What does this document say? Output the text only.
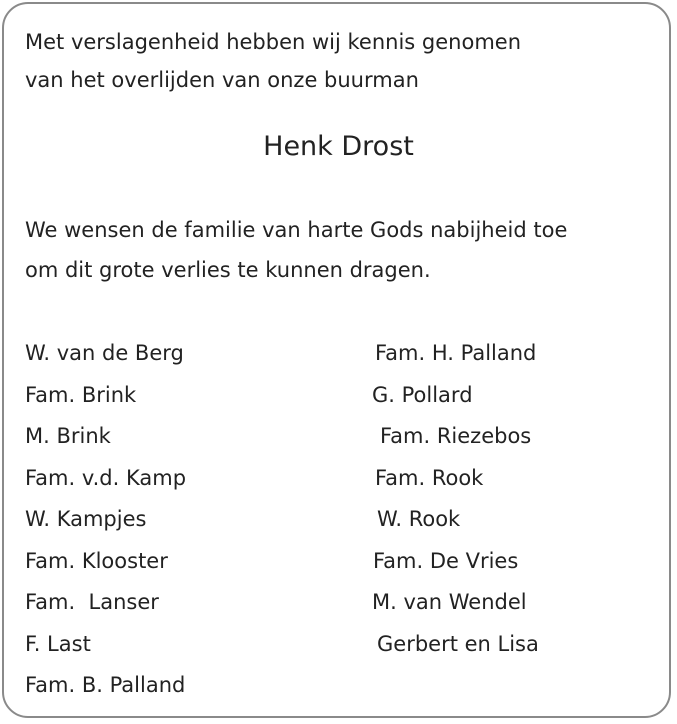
Met verslagenheid hebben wij kennis genomen

van het overlijden van onze buurman

Henk Drost

We wensen de familie van harte Gods nabijheid toe

om dit grote verlies te kunnen dragen.

W. van de Berg
Fam. Brink
M. Brink
Fam. v.d. Kamp
W. Kampjes
Fam. Klooster
Fam.  Lanser
F. Last
Fam. B. Palland
Fam. H. Palland
G. Pollard
Fam. Riezebos
Fam. Rook
W. Rook
Fam. De Vries
M. van Wendel
Gerbert en Lisa
